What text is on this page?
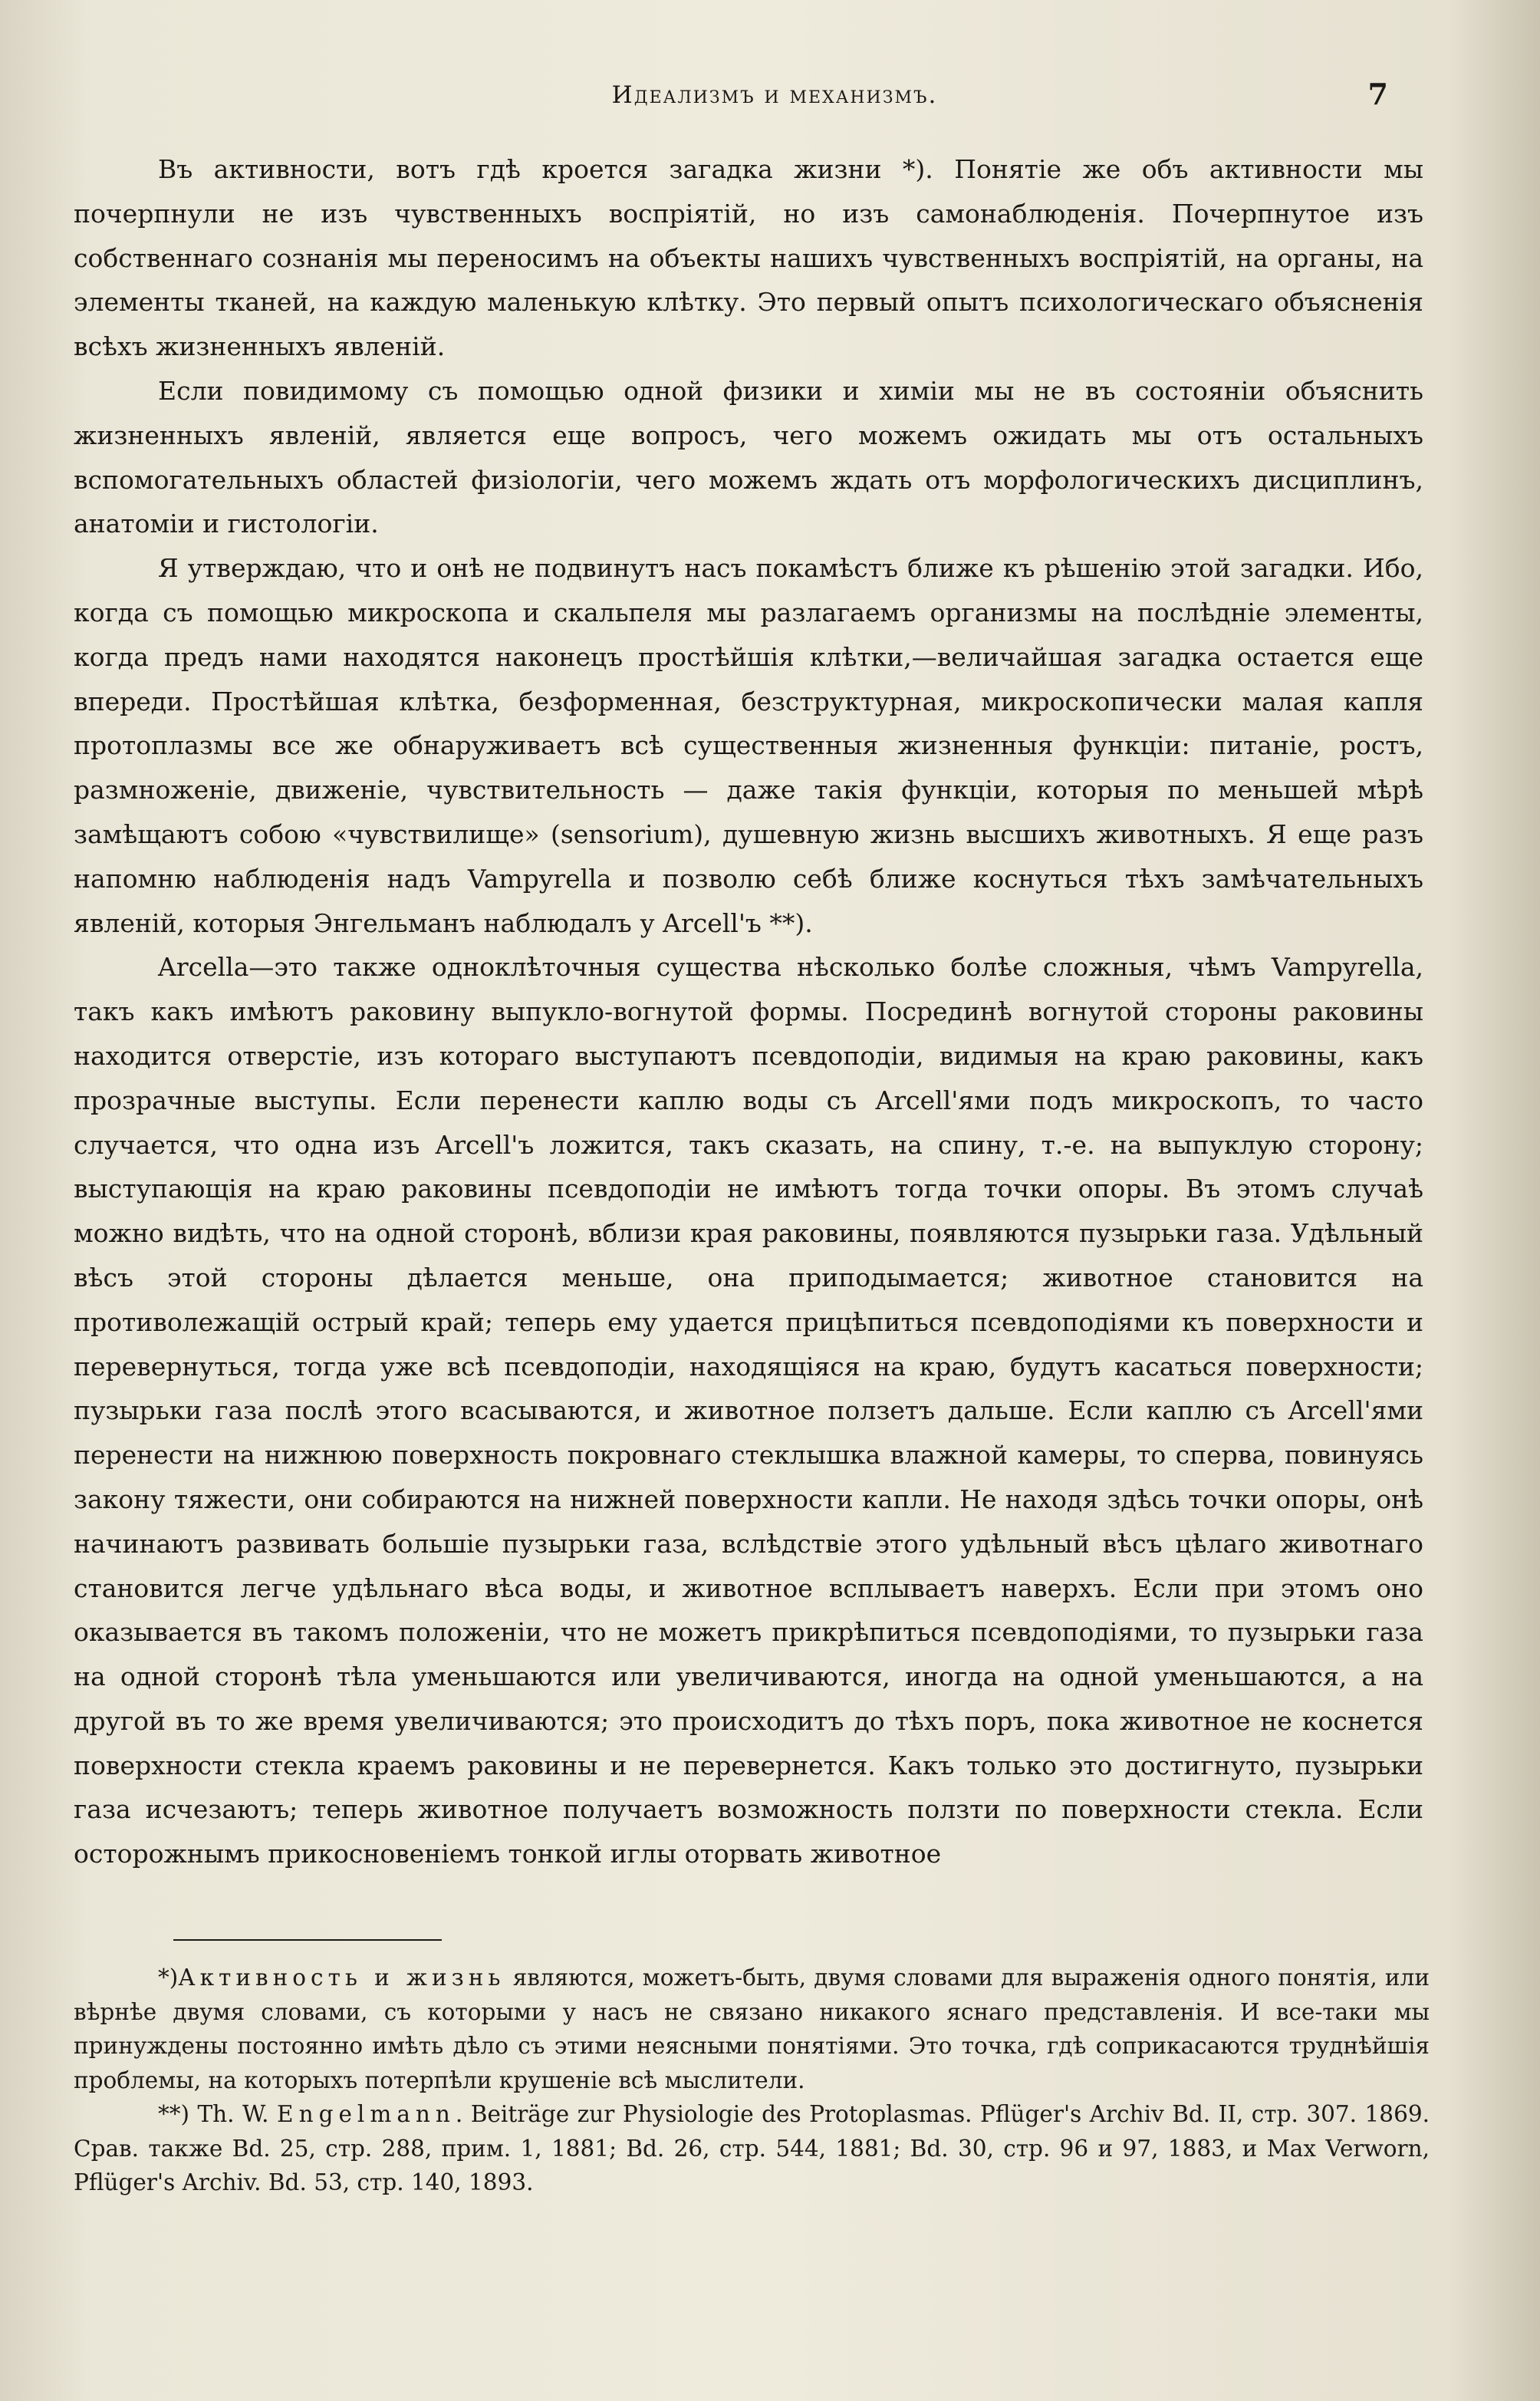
Идеализмъ и механизмъ.	7

Въ активности, вотъ гдѣ кроется загадка жизни *). Понятіе же объ активности мы почерпнули не изъ чувственныхъ воспріятій, но изъ самонаблюденія. Почерпнутое изъ собственнаго сознанія мы переносимъ на объекты нашихъ чувственныхъ воспріятій, на органы, на элементы тканей, на каждую маленькую клѣтку. Это первый опытъ психологическаго объясненія всѣхъ жизненныхъ явленій.

Если повидимому съ помощью одной физики и химіи мы не въ состояніи объяснить жизненныхъ явленій, является еще вопросъ, чего можемъ ожидать мы отъ остальныхъ вспомогательныхъ областей физіологіи, чего можемъ ждать отъ морфологическихъ дисциплинъ, анатоміи и гистологіи.

Я утверждаю, что и онѣ не подвинутъ насъ покамѣстъ ближе къ рѣшенію этой загадки. Ибо, когда съ помощью микроскопа и скальпеля мы разлагаемъ организмы на послѣдніе элементы, когда предъ нами находятся наконецъ простѣйшія клѣтки,—величайшая загадка остается еще впереди. Простѣйшая клѣтка, безформенная, безструктурная, микроскопически малая капля протоплазмы все же обнаруживаетъ всѣ существенныя жизненныя функціи: питаніе, ростъ, размноженіе, движеніе, чувствительность — даже такія функціи, которыя по меньшей мѣрѣ замѣщаютъ собою «чувствилище» (sensorium), душевную жизнь высшихъ животныхъ. Я еще разъ напомню наблюденія надъ Vampyrella и позволю себѣ ближе коснуться тѣхъ замѣчательныхъ явленій, которыя Энгельманъ наблюдалъ у Arcell'ъ **).

Arcella—это также одноклѣточныя существа нѣсколько болѣе сложныя, чѣмъ Vampyrella, такъ какъ имѣютъ раковину выпукло-вогнутой формы. Посрединѣ вогнутой стороны раковины находится отверстіе, изъ котораго выступаютъ псевдоподіи, видимыя на краю раковины, какъ прозрачные выступы. Если перенести каплю воды съ Arcell'ями подъ микроскопъ, то часто случается, что одна изъ Arcell'ъ ложится, такъ сказать, на спину, т.-е. на выпуклую сторону; выступающія на краю раковины псевдоподіи не имѣютъ тогда точки опоры. Въ этомъ случаѣ можно видѣть, что на одной сторонѣ, вблизи края раковины, появляются пузырьки газа. Удѣльный вѣсъ этой стороны дѣлается меньше, она приподымается; животное становится на противолежащій острый край; теперь ему удается прицѣпиться псевдоподіями къ поверхности и перевернуться, тогда уже всѣ псевдоподіи, находящіяся на краю, будутъ касаться поверхности; пузырьки газа послѣ этого всасываются, и животное ползетъ дальше. Если каплю съ Arcell'ями перенести на нижнюю поверхность покровнаго стеклышка влажной камеры, то сперва, повинуясь закону тяжести, они собираются на нижней поверхности капли. Не находя здѣсь точки опоры, онѣ начинаютъ развивать большіе пузырьки газа, вслѣдствіе этого удѣльный вѣсъ цѣлаго животнаго становится легче удѣльнаго вѣса воды, и животное всплываетъ наверхъ. Если при этомъ оно оказывается въ такомъ положеніи, что не можетъ прикрѣпиться псевдоподіями, то пузырьки газа на одной сторонѣ тѣла уменьшаются или увеличиваются, иногда на одной уменьшаются, а на другой въ то же время увеличиваются; это происходитъ до тѣхъ поръ, пока животное не коснется поверхности стекла краемъ раковины и не перевернется. Какъ только это достигнуто, пузырьки газа исчезаютъ; теперь животное получаетъ возможность ползти по поверхности стекла. Если осторожнымъ прикосновеніемъ тонкой иглы оторвать животное

*)Активность и жизнь являются, можетъ-быть, двумя словами для выраженія одного понятія, или вѣрнѣе двумя словами, съ которыми у насъ не связано никакого яснаго представленія. И все-таки мы принуждены постоянно имѣть дѣло съ этими неясными понятіями. Это точка, гдѣ соприкасаются труднѣйшія проблемы, на которыхъ потерпѣли крушеніе всѣ мыслители.

**) Th. W. Engelmann. Beiträge zur Physiologie des Protoplasmas. Pflüger's Archiv Bd. II, стр. 307. 1869. Срав. также Bd. 25, стр. 288, прим. 1, 1881; Bd. 26, стр. 544, 1881; Bd. 30, стр. 96 и 97, 1883, и Max Verworn, Pflüger's Archiv. Bd. 53, стр. 140, 1893.
